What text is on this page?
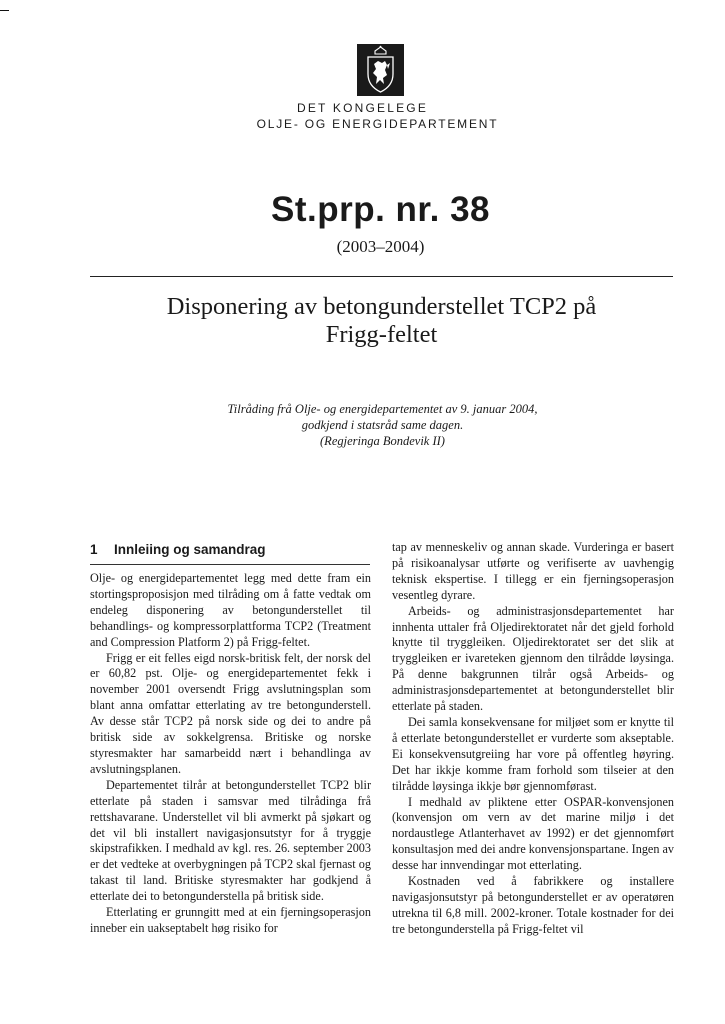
DET KONGELEGE
OLJE- OG ENERGIDEPARTEMENT
St.prp. nr. 38
(2003–2004)
Disponering av betongunderstellet TCP2 på
Frigg-feltet
Tilråding frå Olje- og energidepartementet av 9. januar 2004,
godkjend i statsråd same dagen.
(Regjeringa Bondevik II)
1 Innleiing og samandrag

Olje- og energidepartementet legg med dette fram ein stortingsproposisjon med tilråding om å fatte vedtak om endeleg disponering av betongunderstellet til behandlings- og kompressorplattforma TCP2 (Treatment and Compression Platform 2) på Frigg-feltet.

Frigg er eit felles eigd norsk-britisk felt, der norsk del er 60,82 pst. Olje- og energidepartementet fekk i november 2001 oversendt Frigg avslutningsplan som blant anna omfattar etterlating av tre betongunderstell. Av desse står TCP2 på norsk side og dei to andre på britisk side av sokkelgrensa. Britiske og norske styresmakter har samarbeidd nært i behandlinga av avslutningsplanen.

Departementet tilrår at betongunderstellet TCP2 blir etterlate på staden i samsvar med tilrådinga frå rettshavarane. Understellet vil bli avmerkt på sjøkart og det vil bli installert navigasjonsutstyr for å tryggje skipstrafikken. I medhald av kgl. res. 26. september 2003 er det vedteke at overbygningen på TCP2 skal fjernast og takast til land. Britiske styresmakter har godkjend å etterlate dei to betongunderstella på britisk side.

Etterlating er grunngitt med at ein fjerningsoperasjon inneber ein uakseptabelt høg risiko for

tap av menneskeliv og annan skade. Vurderinga er basert på risikoanalysar utførte og verifiserte av uavhengig teknisk ekspertise. I tillegg er ein fjerningsoperasjon vesentleg dyrare.

Arbeids- og administrasjonsdepartementet har innhenta uttaler frå Oljedirektoratet når det gjeld forhold knytte til tryggleiken. Oljedirektoratet ser det slik at tryggleiken er ivareteken gjennom den tilrådde løysinga. På denne bakgrunnen tilrår også Arbeids- og administrasjonsdepartementet at betongunderstellet blir etterlate på staden.

Dei samla konsekvensane for miljøet som er knytte til å etterlate betongunderstellet er vurderte som akseptable. Ei konsekvensutgreiing har vore på offentleg høyring. Det har ikkje komme fram forhold som tilseier at den tilrådde løysinga ikkje bør gjennomførast.

I medhald av pliktene etter OSPAR-konvensjonen (konvensjon om vern av det marine miljø i det nordaustlege Atlanterhavet av 1992) er det gjennomført konsultasjon med dei andre konvensjonspartane. Ingen av desse har innvendingar mot etterlating.

Kostnaden ved å fabrikkere og installere navigasjonsutstyr på betongunderstellet er av operatøren utrekna til 6,8 mill. 2002-kroner. Totale kostnader for dei tre betongunderstella på Frigg-feltet vil
